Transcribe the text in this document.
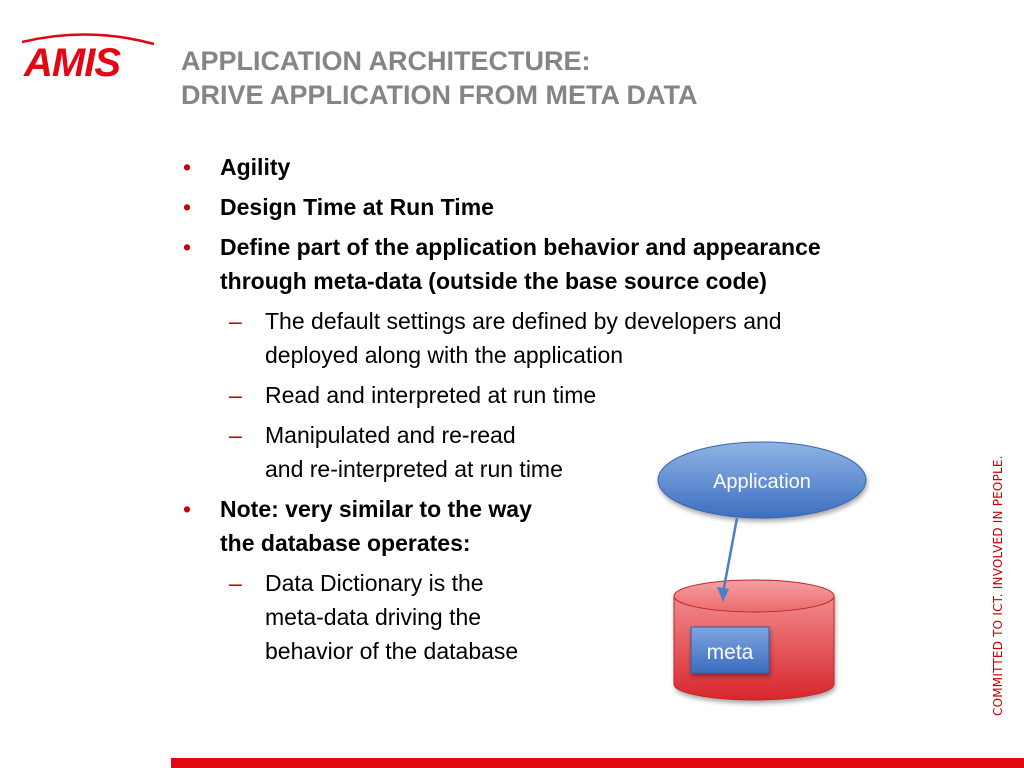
AMIS APPLICATION ARCHITECTURE:
DRIVE APPLICATION FROM META DATA
• Agility
• Design Time at Run Time
• Define part of the application behavior and appearance
through meta-data (outside the base source code)
– The default settings are defined by developers and
deployed along with the application
– Read and interpreted at run time
– Manipulated and re-read
and re-interpreted at run time
• Note: very similar to the way
the database operates:
– Data Dictionary is the
meta-data driving the
behavior of the database
Application
meta	COMMITTED TO ICT. INVOLVED IN PEOPLE.
